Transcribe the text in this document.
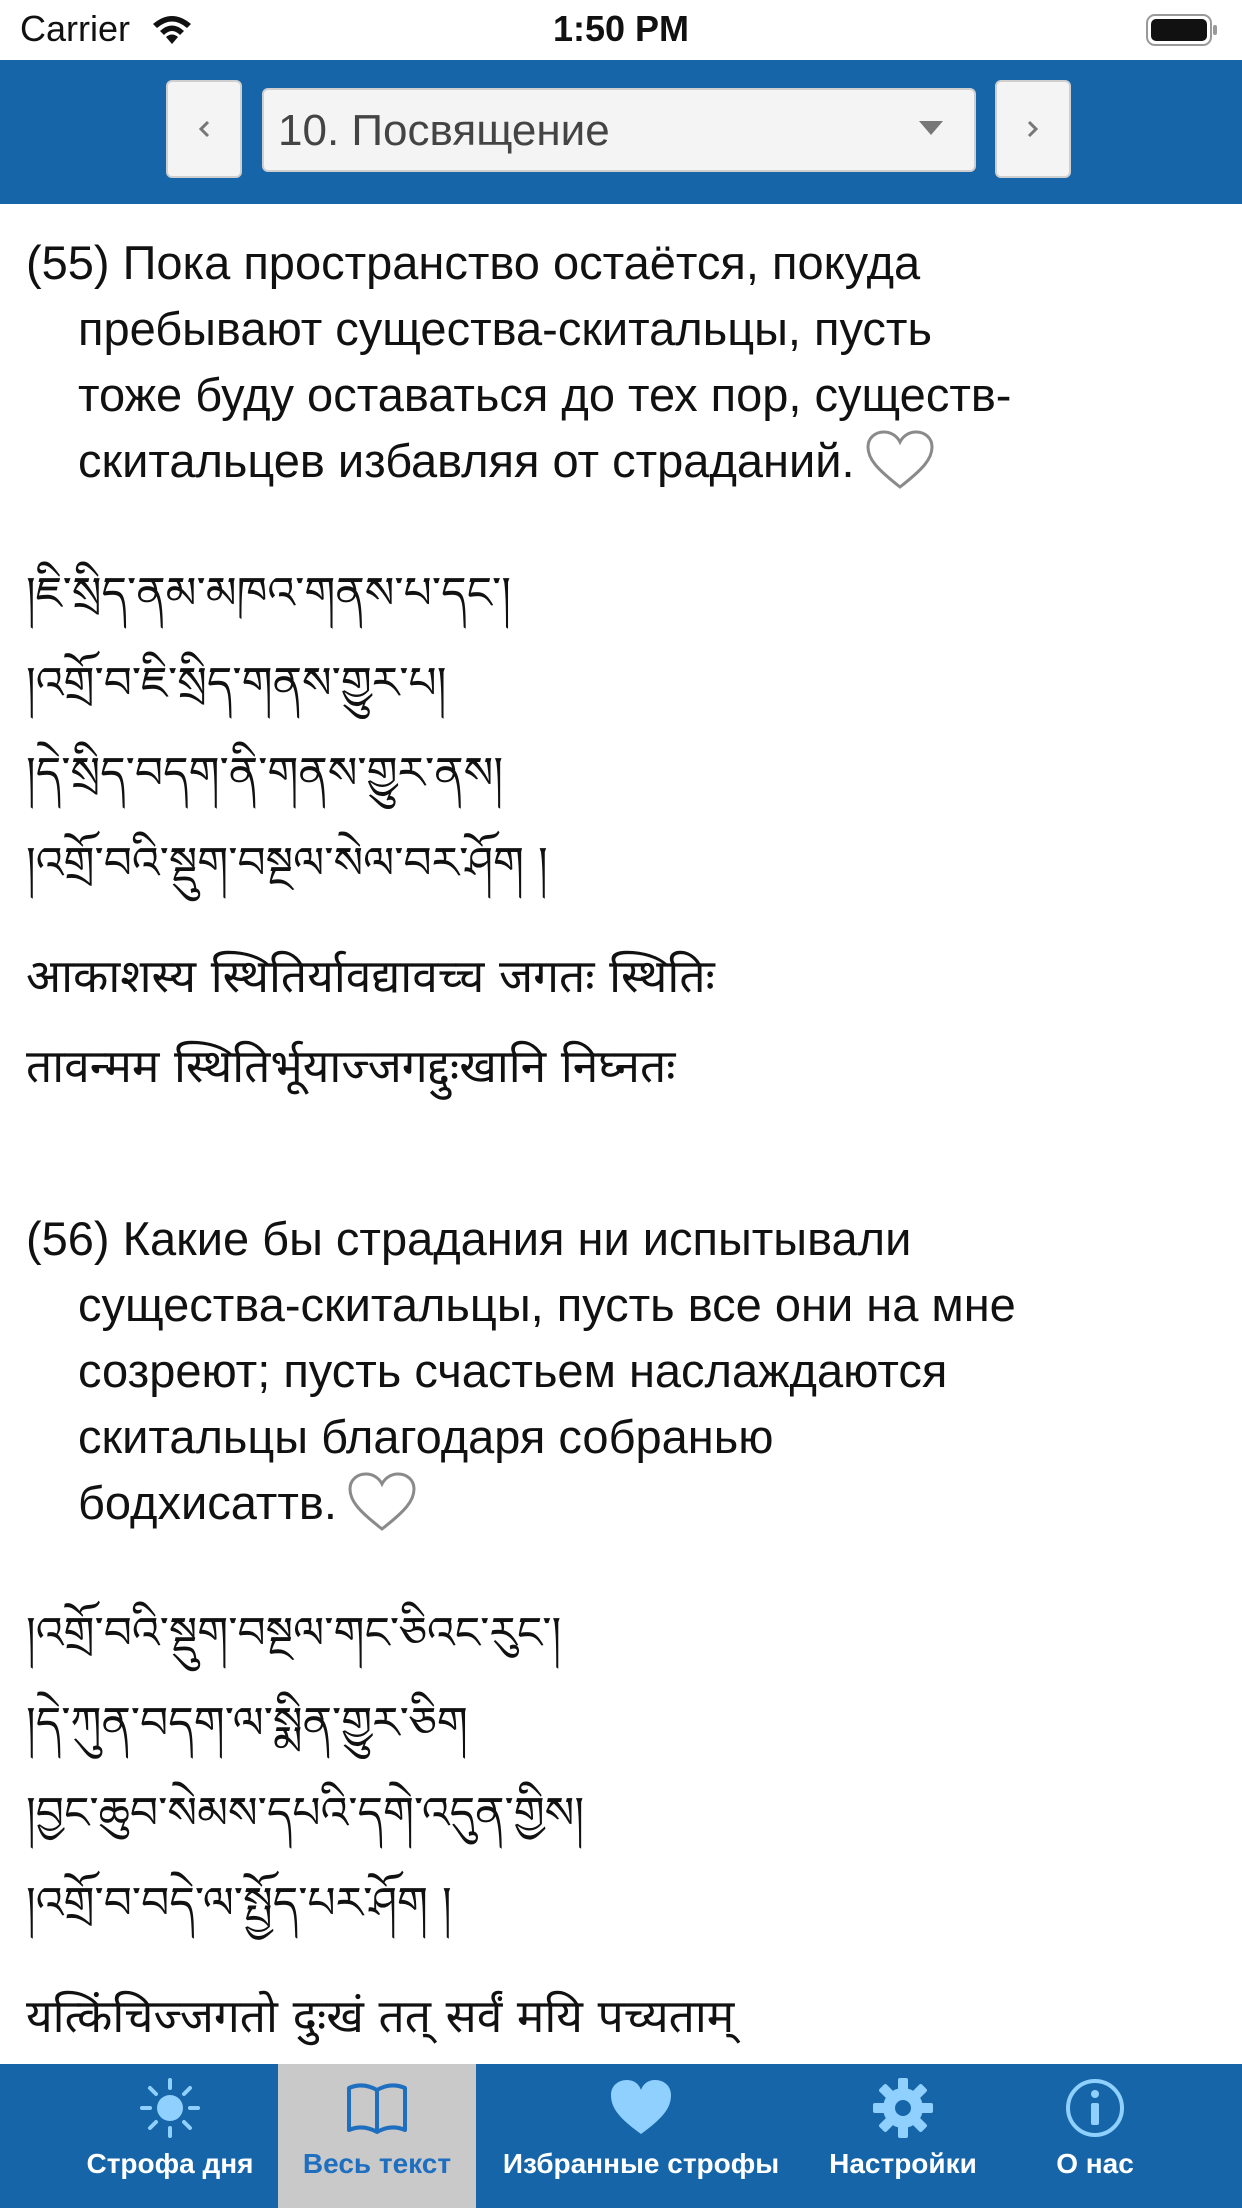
Carrier	1:50 PM
10. Посвящение
(55) Пока пространство остаётся, покуда
пребывают существа-скитальцы, пусть
тоже буду оставаться до тех пор, существ-
скитальцев избавляя от страданий.
།ཇི་སྲིད་ནམ་མཁའ་གནས་པ་དང་།
།འགྲོ་བ་ཇི་སྲིད་གནས་གྱུར་པ།
།དེ་སྲིད་བདག་ནི་གནས་གྱུར་ནས།
།འགྲོ་བའི་སྡུག་བསྔལ་སེལ་བར་ཤོག །
आकाशस्य स्थितिर्यावद्यावच्च जगतः स्थितिः
तावन्मम स्थितिर्भूयाज्जगद्दुःखानि निघ्नतः
(56) Какие бы страдания ни испытывали
существа-скитальцы, пусть все они на мне
созреют; пусть счастьем наслаждаются
скитальцы благодаря собранью
бодхисаттв.
།འགྲོ་བའི་སྡུག་བསྔལ་གང་ཅིའང་རུང་།
།དེ་ཀུན་བདག་ལ་སྨིན་གྱུར་ཅིག
།བྱང་ཆུབ་སེམས་དཔའི་དགེ་འདུན་གྱིས།
།འགྲོ་བ་བདེ་ལ་སྤྱོད་པར་ཤོག །
यत्किंचिज्जगतो दुःखं तत् सर्वं मयि पच्यताम्
Строфа дня	Весь текст	Избранные строфы	Настройки	О нас
